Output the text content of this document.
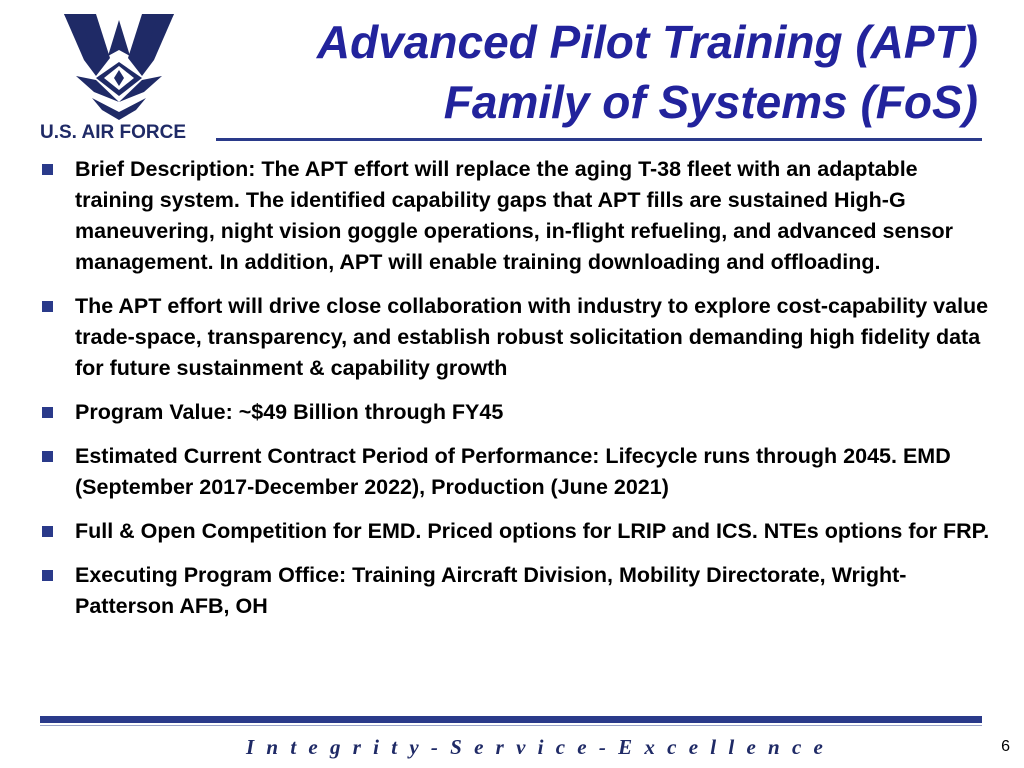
U.S. AIR FORCE
Advanced Pilot Training (APT)
Family of Systems (FoS)
Brief Description: The APT effort will replace the aging T-38 fleet with an adaptable training system. The identified capability gaps that APT fills are sustained High-G maneuvering, night vision goggle operations, in-flight refueling, and advanced sensor management. In addition, APT will enable training downloading and offloading.
The APT effort will drive close collaboration with industry to explore cost-capability value trade-space, transparency, and establish robust solicitation demanding high fidelity data for future sustainment & capability growth
Program Value: ~$49 Billion through FY45
Estimated Current Contract Period of Performance: Lifecycle runs through 2045. EMD (September 2017-December 2022), Production (June 2021)
Full & Open Competition for EMD. Priced options for LRIP and ICS. NTEs options for FRP.
Executing Program Office: Training Aircraft Division, Mobility Directorate, Wright-Patterson AFB, OH
I n t e g r i t y - S e r v i c e - E x c e l l e n c e	6
